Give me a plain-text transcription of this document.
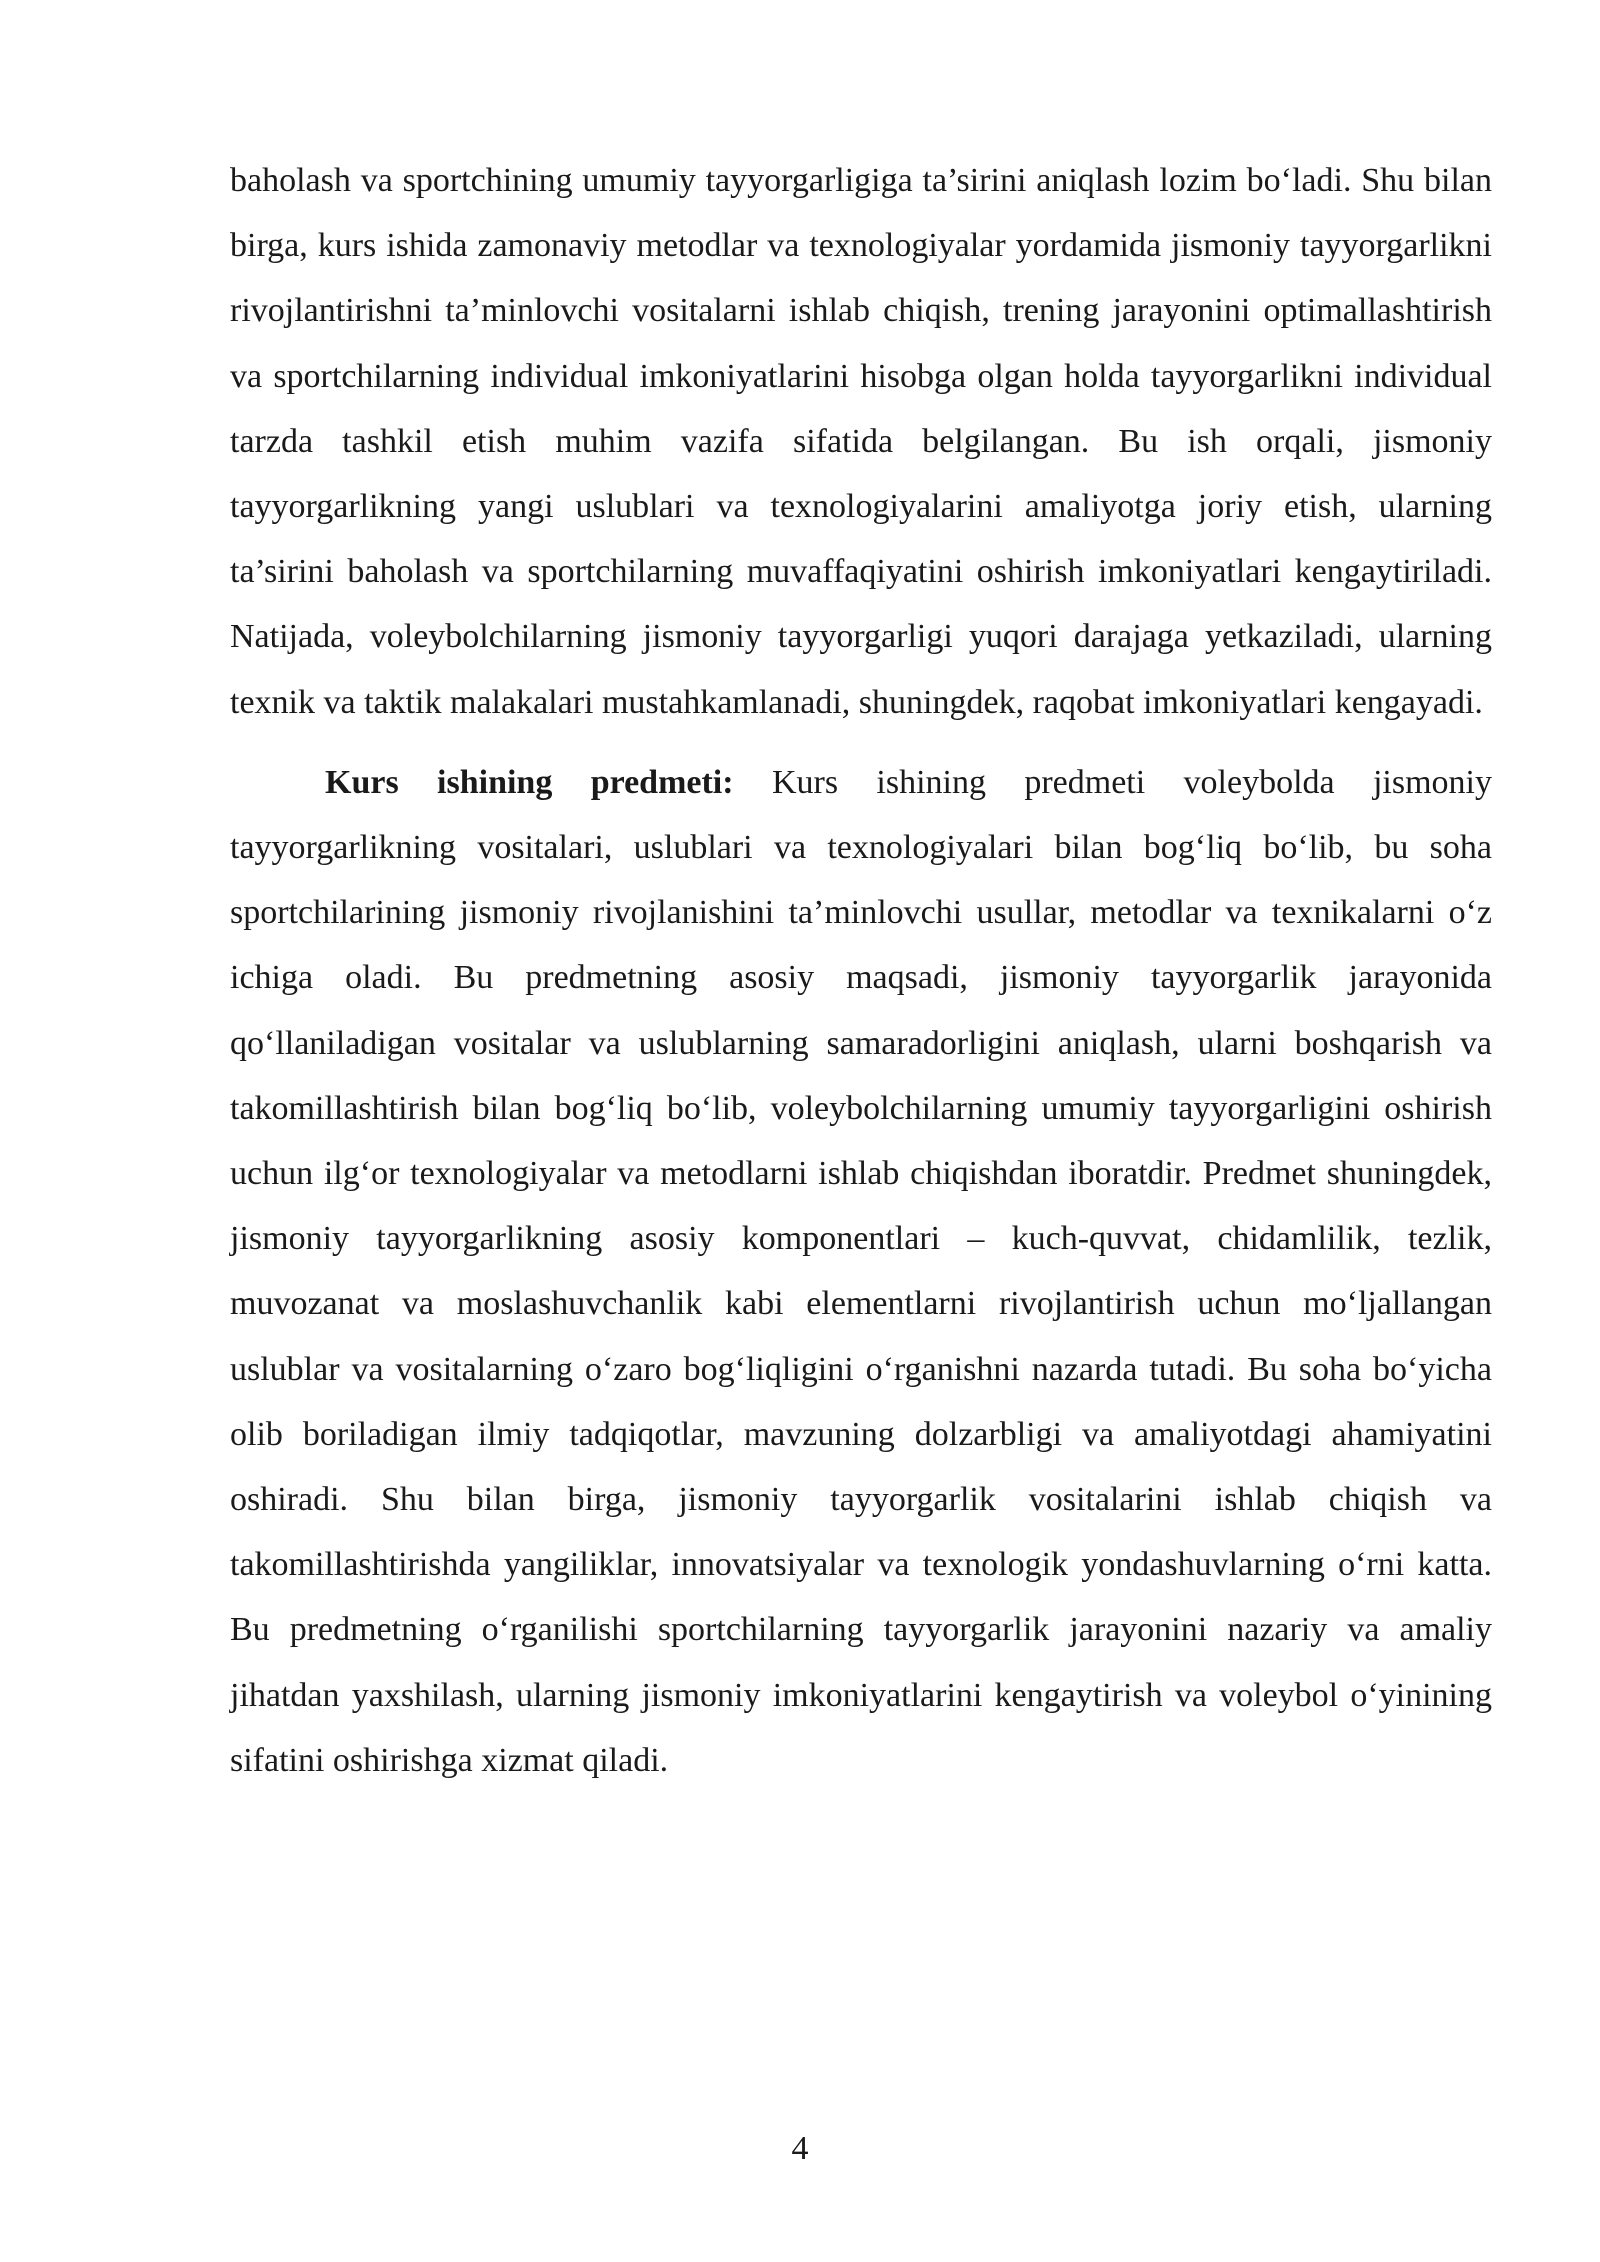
baholash va sportchining umumiy tayyorgarligiga ta’sirini aniqlash lozim bo‘ladi. Shu bilan birga, kurs ishida zamonaviy metodlar va texnologiyalar yordamida jismoniy tayyorgarlikni rivojlantirishni ta’minlovchi vositalarni ishlab chiqish, trening jarayonini optimallashtirish va sportchilarning individual imkoniyatlarini hisobga olgan holda tayyorgarlikni individual tarzda tashkil etish muhim vazifa sifatida belgilangan. Bu ish orqali, jismoniy tayyorgarlikning yangi uslublari va texnologiyalarini amaliyotga joriy etish, ularning ta’sirini baholash va sportchilarning muvaffaqiyatini oshirish imkoniyatlari kengaytiriladi. Natijada, voleybolchilarning jismoniy tayyorgarligi yuqori darajaga yetkaziladi, ularning texnik va taktik malakalari mustahkamlanadi, shuningdek, raqobat imkoniyatlari kengayadi.

Kurs ishining predmeti: Kurs ishining predmeti voleybolda jismoniy tayyorgarlikning vositalari, uslublari va texnologiyalari bilan bog‘liq bo‘lib, bu soha sportchilarining jismoniy rivojlanishini ta’minlovchi usullar, metodlar va texnikalarni o‘z ichiga oladi. Bu predmetning asosiy maqsadi, jismoniy tayyorgarlik jarayonida qo‘llaniladigan vositalar va uslublarning samaradorligini aniqlash, ularni boshqarish va takomillashtirish bilan bog‘liq bo‘lib, voleybolchilarning umumiy tayyorgarligini oshirish uchun ilg‘or texnologiyalar va metodlarni ishlab chiqishdan iboratdir. Predmet shuningdek, jismoniy tayyorgarlikning asosiy komponentlari – kuch-quvvat, chidamlilik, tezlik, muvozanat va moslashuvchanlik kabi elementlarni rivojlantirish uchun mo‘ljallangan uslublar va vositalarning o‘zaro bog‘liqligini o‘rganishni nazarda tutadi. Bu soha bo‘yicha olib boriladigan ilmiy tadqiqotlar, mavzuning dolzarbligi va amaliyotdagi ahamiyatini oshiradi. Shu bilan birga, jismoniy tayyorgarlik vositalarini ishlab chiqish va takomillashtirishda yangiliklar, innovatsiyalar va texnologik yondashuvlarning o‘rni katta. Bu predmetning o‘rganilishi sportchilarning tayyorgarlik jarayonini nazariy va amaliy jihatdan yaxshilash, ularning jismoniy imkoniyatlarini kengaytirish va voleybol o‘yinining sifatini oshirishga xizmat qiladi.

4
